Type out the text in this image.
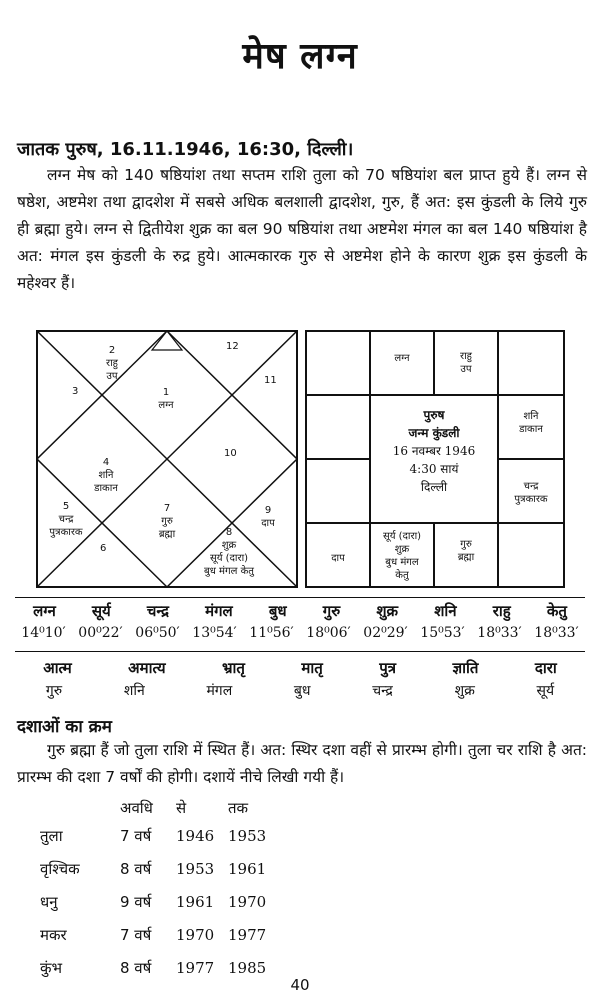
मेष लग्न
जातक पुरुष, 16.11.1946, 16:30, दिल्ली।

लग्न मेष को 140 षष्ठियांश तथा सप्तम राशि तुला को 70 षष्ठियांश बल प्राप्त हुये हैं। लग्न से षष्ठेश, अष्टमेश तथा द्वादशेश में सबसे अधिक बलशाली द्वादशेश, गुरु, हैं अत: इस कुंडली के लिये गुरु ही ब्रह्मा हुये। लग्न से द्वितीयेश शुक्र का बल 90 षष्ठियांश तथा अष्टमेश मंगल का बल 140 षष्ठियांश है अत: मंगल इस कुंडली के रुद्र हुये। आत्मकारक गुरु से अष्टमेश होने के कारण शुक्र इस कुंडली के महेश्वर हैं।

12
11
3
2
राहु
उप
1
लग्न
10
4
शनि
डाकान
5
चन्द्र
पुत्रकारक
7
गुरु
ब्रह्मा
9
दाप
6
8
शुक्र
सूर्य (दारा)
बुध मंगल केतु
लग्न	राहु
उप
शनि
डाकान
चन्द्र
पुत्रकारक
दाप
सूर्य (दारा)
शुक्र
बुध मंगल
केतु
गुरु
ब्रह्मा
पुरुष
जन्म कुंडली
16 नवम्बर 1946
4:30 सायं
दिल्ली
लग्न सूर्य चन्द्र मंगल बुध गुरु शुक्र शनि राहु केतु
14⁰10′ 00⁰22′ 06⁰50′ 13⁰54′ 11⁰56′ 18⁰06′ 02⁰29′ 15⁰53′ 18⁰33′ 18⁰33′
आत्म	अमात्य	भ्रातृ	मातृ	पुत्र	ज्ञाति	दारा
गुरु	शनि	मंगल	बुध	चन्द्र	शुक्र	सूर्य
दशाओं का क्रम

गुरु ब्रह्मा हैं जो तुला राशि में स्थित हैं। अत: स्थिर दशा वहीं से प्रारम्भ होगी। तुला चर राशि है अत: प्रारम्भ की दशा 7 वर्षों की होगी। दशायें नीचे लिखी गयी हैं।

	अवधि	से	तक
तुला	7 वर्ष	1946	1953
वृश्चिक	8 वर्ष	1953	1961
धनु	9 वर्ष	1961	1970
मकर	7 वर्ष	1970	1977
कुंभ	8 वर्ष	1977	1985
40
